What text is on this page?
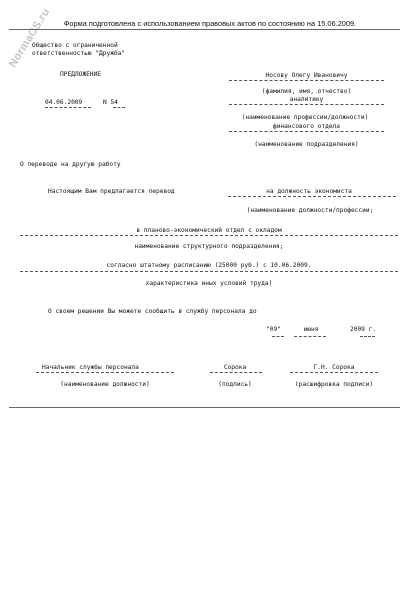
NormaCS.ru	Форма подготовлена с использованием правовых актов по состоянию на 15.06.2009.
Общество с ограниченной
ответственностью "Дружба"
ПРЕДЛОЖЕНИЕ
04.06.2009	N 54
Носову Олегу Ивановичу
(фамилия, имя, отчество)
аналитику
(наименование профессии/должности)
финансового отдела
(наименование подразделения)
О переводе на другую работу
Настоящим Вам предлагается перевод	на должность экономиста
(наименование должности/профессии;
в планово-экономический отдел с окладом
наименование структурного подразделения;
согласно штатному расписанию (25000 руб.) с 10.06.2009.
характеристика иных условий труда)
О своем решении Вы можете сообщить в службу персонала до
"09"	июня	2009 г.
Начальник службы персонала
(наименование должности)
Сорока
(подпись)
Г.Н. Сорока
(расшифровка подписи)
